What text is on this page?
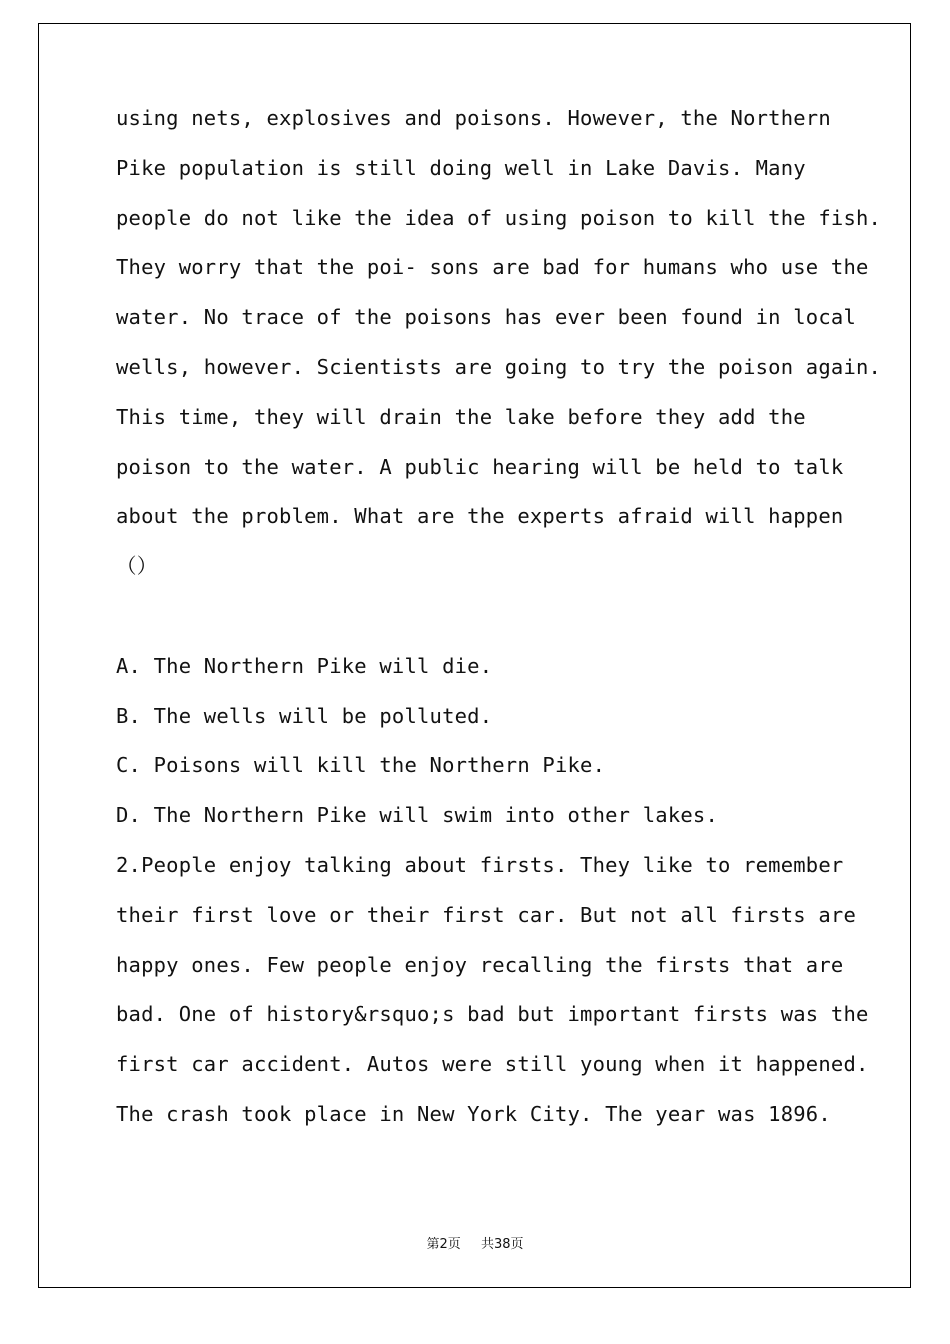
using nets, explosives and poisons. However, the Northern
Pike population is still doing well in Lake Davis. Many
people do not like the idea of using poison to kill the fish.
They worry that the poi- sons are bad for humans who use the
water. No trace of the poisons has ever been found in local
wells, however. Scientists are going to try the poison again.
This time, they will drain the lake before they add the
poison to the water. A public hearing will be held to talk
about the problem. What are the experts afraid will happen
（）
A. The Northern Pike will die.
B. The wells will be polluted.
C. Poisons will kill the Northern Pike.
D. The Northern Pike will swim into other lakes.
2.People enjoy talking about firsts. They like to remember
their first love or their first car. But not all firsts are
happy ones. Few people enjoy recalling the firsts that are
bad. One of history&rsquo;s bad but important firsts was the
first car accident. Autos were still young when it happened.
The crash took place in New York City. The year was 1896.
第2页 共38页
